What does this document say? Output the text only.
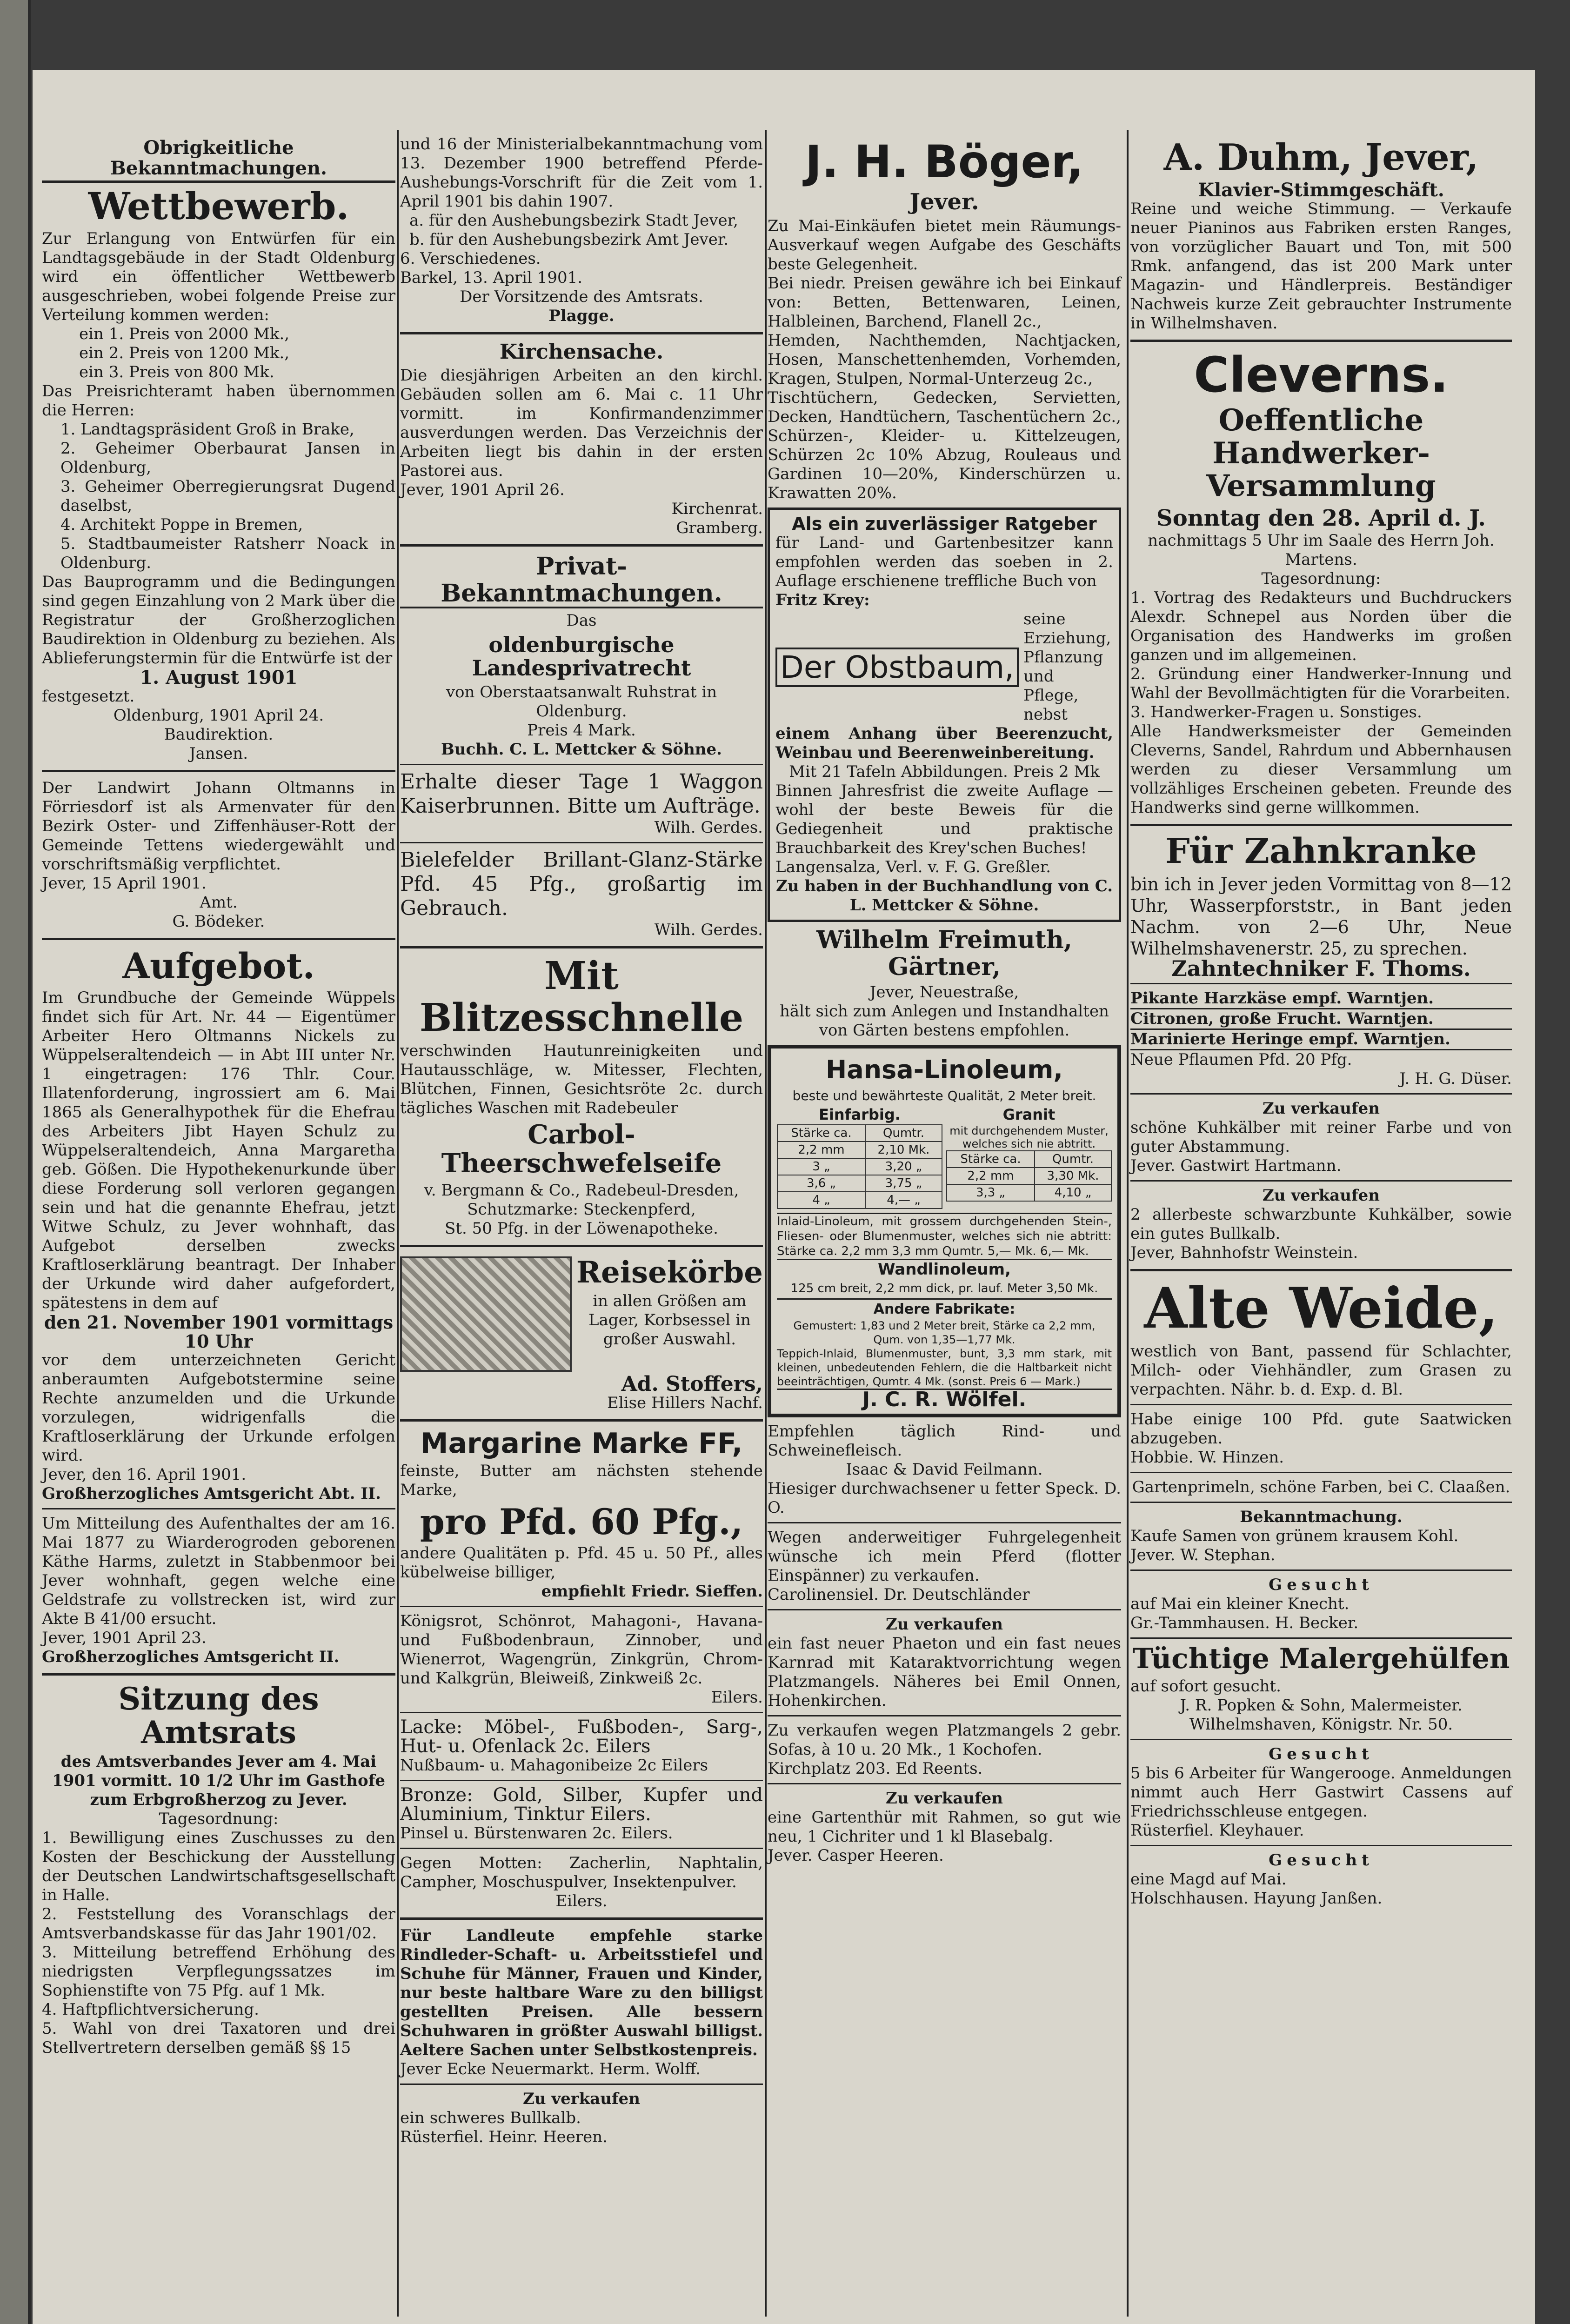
Obrigkeitliche Bekanntmachungen.
Wettbewerb.

Zur Erlangung von Entwürfen für ein Landtagsgebäude in der Stadt Oldenburg wird ein öffentlicher Wettbewerb ausgeschrieben, wobei folgende Preise zur Verteilung kommen werden:

ein 1. Preis von 2000 Mk.,

ein 2. Preis von 1200 Mk.,

ein 3. Preis von 800 Mk.

Das Preisrichteramt haben übernommen die Herren:

1. Landtagspräsident Groß in Brake,

2. Geheimer Oberbaurat Jansen in Oldenburg,

3. Geheimer Oberregierungsrat Dugend daselbst,

4. Architekt Poppe in Bremen,

5. Stadtbaumeister Ratsherr Noack in Oldenburg.

Das Bauprogramm und die Bedingungen sind gegen Einzahlung von 2 Mark über die Registratur der Großherzoglichen Baudirektion in Oldenburg zu beziehen. Als Ablieferungstermin für die Entwürfe ist der

1. August 1901

festgesetzt.

Oldenburg, 1901 April 24.

Baudirektion.

Jansen.

Der Landwirt Johann Oltmanns in Förriesdorf ist als Armenvater für den Bezirk Oster- und Ziffenhäuser-Rott der Gemeinde Tettens wiedergewählt und vorschriftsmäßig verpflichtet.

Jever, 15 April 1901.

Amt.

G. Bödeker.

Aufgebot.

Im Grundbuche der Gemeinde Wüppels findet sich für Art. Nr. 44 — Eigentümer Arbeiter Hero Oltmanns Nickels zu Wüppelseraltendeich — in Abt III unter Nr. 1 eingetragen: 176 Thlr. Cour. Illatenforderung, ingrossiert am 6. Mai 1865 als Generalhypothek für die Ehefrau des Arbeiters Jibt Hayen Schulz zu Wüppelseraltendeich, Anna Margaretha geb. Gößen. Die Hypothekenurkunde über diese Forderung soll verloren gegangen sein und hat die genannte Ehefrau, jetzt Witwe Schulz, zu Jever wohnhaft, das Aufgebot derselben zwecks Kraftloserklärung beantragt. Der Inhaber der Urkunde wird daher aufgefordert, spätestens in dem auf

den 21. November 1901 vormittags 10 Uhr

vor dem unterzeichneten Gericht anberaumten Aufgebotstermine seine Rechte anzumelden und die Urkunde vorzulegen, widrigenfalls die Kraftloserklärung der Urkunde erfolgen wird.

Jever, den 16. April 1901.

Großherzogliches Amtsgericht Abt. II.

Um Mitteilung des Aufenthaltes der am 16. Mai 1877 zu Wiarderogroden geborenen Käthe Harms, zuletzt in Stabbenmoor bei Jever wohnhaft, gegen welche eine Geldstrafe zu vollstrecken ist, wird zur Akte B 41/00 ersucht.

Jever, 1901 April 23.

Großherzogliches Amtsgericht II.

Sitzung des Amtsrats

des Amtsverbandes Jever am 4. Mai 1901 vormitt. 10 1/2 Uhr im Gasthofe zum Erbgroßherzog zu Jever.

Tagesordnung:

1. Bewilligung eines Zuschusses zu den Kosten der Beschickung der Ausstellung der Deutschen Landwirtschaftsgesellschaft in Halle.

2. Feststellung des Voranschlags der Amtsverbandskasse für das Jahr 1901/02.

3. Mitteilung betreffend Erhöhung des niedrigsten Verpflegungssatzes im Sophienstifte von 75 Pfg. auf 1 Mk.

4. Haftpflichtversicherung.

5. Wahl von drei Taxatoren und drei Stellvertretern derselben gemäß §§ 15

und 16 der Ministerialbekanntmachung vom 13. Dezember 1900 betreffend Pferde-Aushebungs-Vorschrift für die Zeit vom 1. April 1901 bis dahin 1907.

a. für den Aushebungsbezirk Stadt Jever,

b. für den Aushebungsbezirk Amt Jever.

6. Verschiedenes.

Barkel, 13. April 1901.

Der Vorsitzende des Amtsrats.

Plagge.

Kirchensache.

Die diesjährigen Arbeiten an den kirchl. Gebäuden sollen am 6. Mai c. 11 Uhr vormitt. im Konfirmandenzimmer ausverdungen werden. Das Verzeichnis der Arbeiten liegt bis dahin in der ersten Pastorei aus.

Jever, 1901 April 26.

Kirchenrat.

Gramberg.

Privat-Bekanntmachungen.

Das

oldenburgische Landesprivatrecht

von Oberstaatsanwalt Ruhstrat in Oldenburg.

Preis 4 Mark.

Buchh. C. L. Mettcker & Söhne.

Erhalte dieser Tage 1 Waggon Kaiserbrunnen. Bitte um Aufträge.

Wilh. Gerdes.

Bielefelder Brillant-Glanz-Stärke Pfd. 45 Pfg., großartig im Gebrauch.

Wilh. Gerdes.

Mit Blitzesschnelle

verschwinden Hautunreinigkeiten und Hautausschläge, w. Mitesser, Flechten, Blütchen, Finnen, Gesichtsröte 2c. durch tägliches Waschen mit Radebeuler

Carbol-Theerschwefelseife

v. Bergmann & Co., Radebeul-Dresden, Schutzmarke: Steckenpferd,

St. 50 Pfg. in der Löwenapotheke.

Reisekörbe

in allen Größen am Lager, Korbsessel in großer Auswahl.

Ad. Stoffers,

Elise Hillers Nachf.

Margarine Marke FF,

feinste, Butter am nächsten stehende Marke,

pro Pfd. 60 Pfg.,

andere Qualitäten p. Pfd. 45 u. 50 Pf., alles kübelweise billiger,

empfiehlt Friedr. Sieffen.

Königsrot, Schönrot, Mahagoni-, Havana- und Fußbodenbraun, Zinnober, und Wienerrot, Wagengrün, Zinkgrün, Chrom- und Kalkgrün, Bleiweiß, Zinkweiß 2c.

Eilers.

Lacke: Möbel-, Fußboden-, Sarg-, Hut- u. Ofenlack 2c. Eilers

Nußbaum- u. Mahagonibeize 2c Eilers

Bronze: Gold, Silber, Kupfer und Aluminium, Tinktur Eilers.

Pinsel u. Bürstenwaren 2c. Eilers.

Gegen Motten: Zacherlin, Naphtalin, Campher, Moschuspulver, Insektenpulver.

Eilers.

Für Landleute empfehle starke Rindleder-Schaft- u. Arbeitsstiefel und Schuhe für Männer, Frauen und Kinder, nur beste haltbare Ware zu den billigst gestellten Preisen. Alle bessern Schuhwaren in größter Auswahl billigst. Aeltere Sachen unter Selbstkostenpreis.

Jever Ecke Neuermarkt. Herm. Wolff.

Zu verkaufen

ein schweres Bullkalb.

Rüsterfiel. Heinr. Heeren.

J. H. Böger,
Jever.

Zu Mai-Einkäufen bietet mein Räumungs-Ausverkauf wegen Aufgabe des Geschäfts beste Gelegenheit.

Bei niedr. Preisen gewähre ich bei Einkauf von: Betten, Bettenwaren, Leinen, Halbleinen, Barchend, Flanell 2c.,

Hemden, Nachthemden, Nachtjacken, Hosen, Manschettenhemden, Vorhemden, Kragen, Stulpen, Normal-Unterzeug 2c.,

Tischtüchern, Gedecken, Servietten, Decken, Handtüchern, Taschentüchern 2c., Schürzen-, Kleider- u. Kittelzeugen, Schürzen 2c 10% Abzug, Rouleaus und Gardinen 10—20%, Kinderschürzen u. Krawatten 20%.

Als ein zuverlässiger Ratgeber

für Land- und Gartenbesitzer kann empfohlen werden das soeben in 2. Auflage erschienene treffliche Buch von

Fritz Krey:

Der Obstbaum,

seine Erziehung, Pflanzung und Pflege, nebst

einem Anhang über Beerenzucht, Weinbau und Beerenweinbereitung.

Mit 21 Tafeln Abbildungen. Preis 2 Mk

Binnen Jahresfrist die zweite Auflage — wohl der beste Beweis für die Gediegenheit und praktische Brauchbarkeit des Krey'schen Buches!

Langensalza, Verl. v. F. G. Greßler.

Zu haben in der Buchhandlung von C. L. Mettcker & Söhne.

Wilhelm Freimuth, Gärtner,

Jever, Neuestraße,

hält sich zum Anlegen und Instandhalten von Gärten bestens empfohlen.

Hansa-Linoleum,

beste und bewährteste Qualität, 2 Meter breit.

Einfarbig.

Stärke ca.	Qumtr.
2,2 mm	2,10 Mk.
3 „	3,20 „
3,6 „	3,75 „
4 „	4,— „

Granit

mit durchgehendem Muster, welches sich nie abtritt.

Stärke ca.	Qumtr.
2,2 mm	3,30 Mk.
3,3 „	4,10 „

Inlaid-Linoleum, mit grossem durchgehenden Stein-, Fliesen- oder Blumenmuster, welches sich nie abtritt: Stärke ca. 2,2 mm 3,3 mm Qumtr. 5,— Mk. 6,— Mk.

Wandlinoleum,

125 cm breit, 2,2 mm dick, pr. lauf. Meter 3,50 Mk.

Andere Fabrikate:

Gemustert: 1,83 und 2 Meter breit, Stärke ca 2,2 mm, Qum. von 1,35—1,77 Mk.

Teppich-Inlaid, Blumenmuster, bunt, 3,3 mm stark, mit kleinen, unbedeutenden Fehlern, die die Haltbarkeit nicht beeinträchtigen, Qumtr. 4 Mk. (sonst. Preis 6 — Mark.)

J. C. R. Wölfel.

Empfehlen täglich Rind- und Schweinefleisch.

Isaac & David Feilmann.

Hiesiger durchwachsener u fetter Speck. D. O.

Wegen anderweitiger Fuhrgelegenheit wünsche ich mein Pferd (flotter Einspänner) zu verkaufen.

Carolinensiel. Dr. Deutschländer

Zu verkaufen

ein fast neuer Phaeton und ein fast neues Karnrad mit Kataraktvorrichtung wegen Platzmangels. Näheres bei Emil Onnen, Hohenkirchen.

Zu verkaufen wegen Platzmangels 2 gebr. Sofas, à 10 u. 20 Mk., 1 Kochofen.

Kirchplatz 203. Ed Reents.

Zu verkaufen

eine Gartenthür mit Rahmen, so gut wie neu, 1 Cichriter und 1 kl Blasebalg.

Jever. Casper Heeren.

A. Duhm, Jever,

Klavier-Stimmgeschäft.

Reine und weiche Stimmung. — Verkaufe neuer Pianinos aus Fabriken ersten Ranges, von vorzüglicher Bauart und Ton, mit 500 Rmk. anfangend, das ist 200 Mark unter Magazin- und Händlerpreis. Beständiger Nachweis kurze Zeit gebrauchter Instrumente in Wilhelmshaven.

Cleverns.
Oeffentliche Handwerker-Versammlung

Sonntag den 28. April d. J.

nachmittags 5 Uhr im Saale des Herrn Joh. Martens.

Tagesordnung:

1. Vortrag des Redakteurs und Buchdruckers Alexdr. Schnepel aus Norden über die Organisation des Handwerks im großen ganzen und im allgemeinen.

2. Gründung einer Handwerker-Innung und Wahl der Bevollmächtigten für die Vorarbeiten.

3. Handwerker-Fragen u. Sonstiges.

Alle Handwerksmeister der Gemeinden Cleverns, Sandel, Rahrdum und Abbernhausen werden zu dieser Versammlung um vollzähliges Erscheinen gebeten. Freunde des Handwerks sind gerne willkommen.

Für Zahnkranke

bin ich in Jever jeden Vormittag von 8—12 Uhr, Wasserpforststr., in Bant jeden Nachm. von 2—6 Uhr, Neue Wilhelmshavenerstr. 25, zu sprechen.

Zahntechniker F. Thoms.

Pikante Harzkäse empf. Warntjen.

Citronen, große Frucht. Warntjen.

Marinierte Heringe empf. Warntjen.

Neue Pflaumen Pfd. 20 Pfg.

J. H. G. Düser.

Zu verkaufen

schöne Kuhkälber mit reiner Farbe und von guter Abstammung.

Jever. Gastwirt Hartmann.

Zu verkaufen

2 allerbeste schwarzbunte Kuhkälber, sowie ein gutes Bullkalb.

Jever, Bahnhofstr Weinstein.

Alte Weide,

westlich von Bant, passend für Schlachter, Milch- oder Viehhändler, zum Grasen zu verpachten. Nähr. b. d. Exp. d. Bl.

Habe einige 100 Pfd. gute Saatwicken abzugeben.

Hobbie. W. Hinzen.

Gartenprimeln, schöne Farben, bei C. Claaßen.

Bekanntmachung.

Kaufe Samen von grünem krausem Kohl.

Jever. W. Stephan.

Gesucht

auf Mai ein kleiner Knecht.

Gr.-Tammhausen. H. Becker.

Tüchtige Malergehülfen

auf sofort gesucht.

J. R. Popken & Sohn, Malermeister. Wilhelmshaven, Königstr. Nr. 50.

Gesucht

5 bis 6 Arbeiter für Wangerooge. Anmeldungen nimmt auch Herr Gastwirt Cassens auf Friedrichsschleuse entgegen.

Rüsterfiel. Kleyhauer.

Gesucht

eine Magd auf Mai.

Holschhausen. Hayung Janßen.
